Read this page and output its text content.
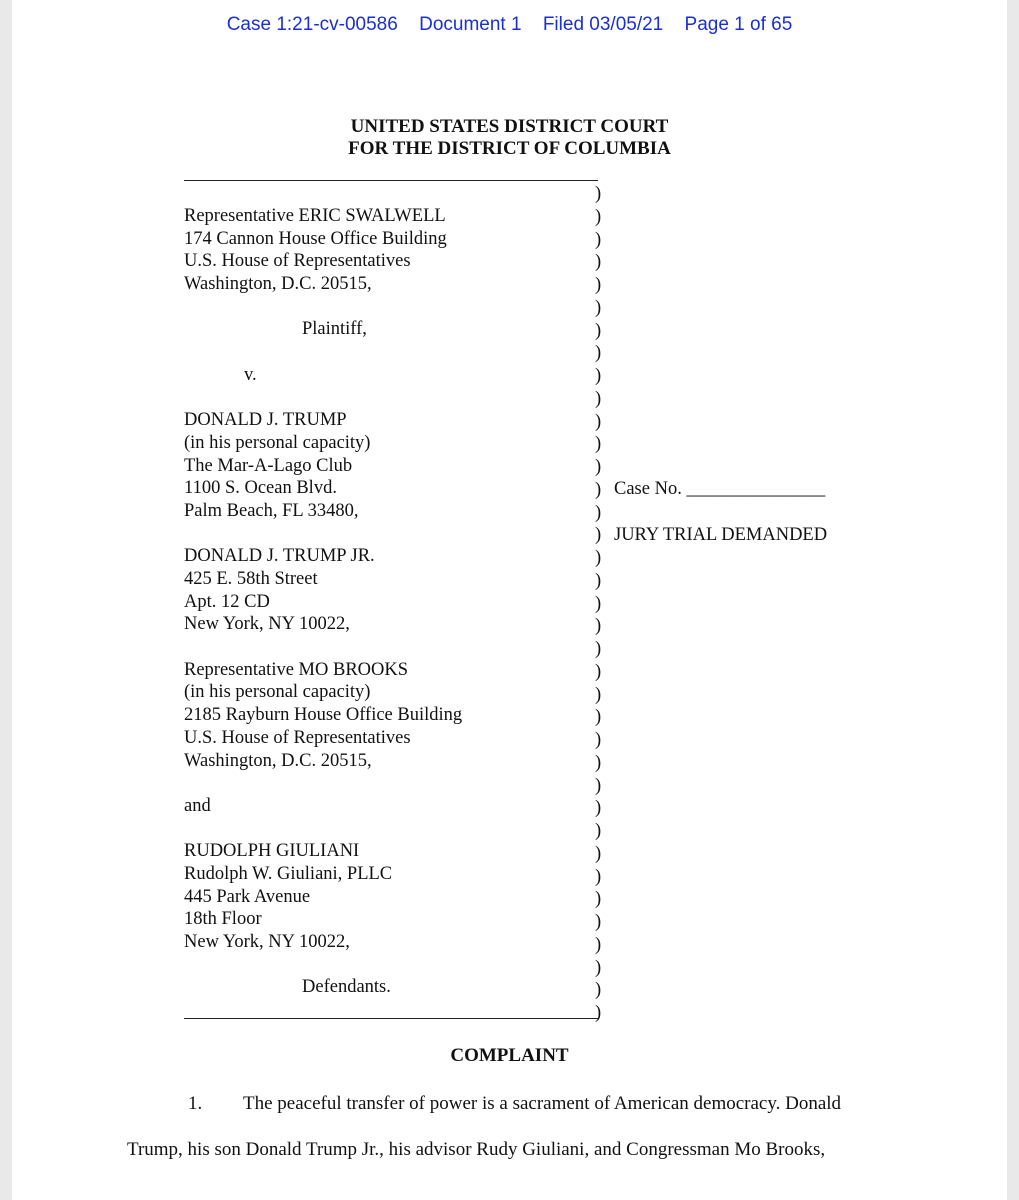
Case 1:21-cv-00586 Document 1 Filed 03/05/21 Page 1 of 65
UNITED STATES DISTRICT COURT
FOR THE DISTRICT OF COLUMBIA
Representative ERIC SWALWELL
174 Cannon House Office Building
U.S. House of Representatives
Washington, D.C. 20515,
Plaintiff,
v.
DONALD J. TRUMP
(in his personal capacity)
The Mar-A-Lago Club
1100 S. Ocean Blvd.
Palm Beach, FL 33480,
DONALD J. TRUMP JR.
425 E. 58th Street
Apt. 12 CD
New York, NY 10022,
Representative MO BROOKS
(in his personal capacity)
2185 Rayburn House Office Building
U.S. House of Representatives
Washington, D.C. 20515,
and
RUDOLPH GIULIANI
Rudolph W. Giuliani, PLLC
445 Park Avenue
18th Floor
New York, NY 10022,
Defendants.
)
)
)
)
)
)
)
)
)
)
)
)
)
)
)
)
)
)
)
)
)
)
)
)
)
)
)
)
)
)
)
)
)
)
)
)
)
Case No. _______________
JURY TRIAL DEMANDED
COMPLAINT
1. The peaceful transfer of power is a sacrament of American democracy. Donald
Trump, his son Donald Trump Jr., his advisor Rudy Giuliani, and Congressman Mo Brooks,
